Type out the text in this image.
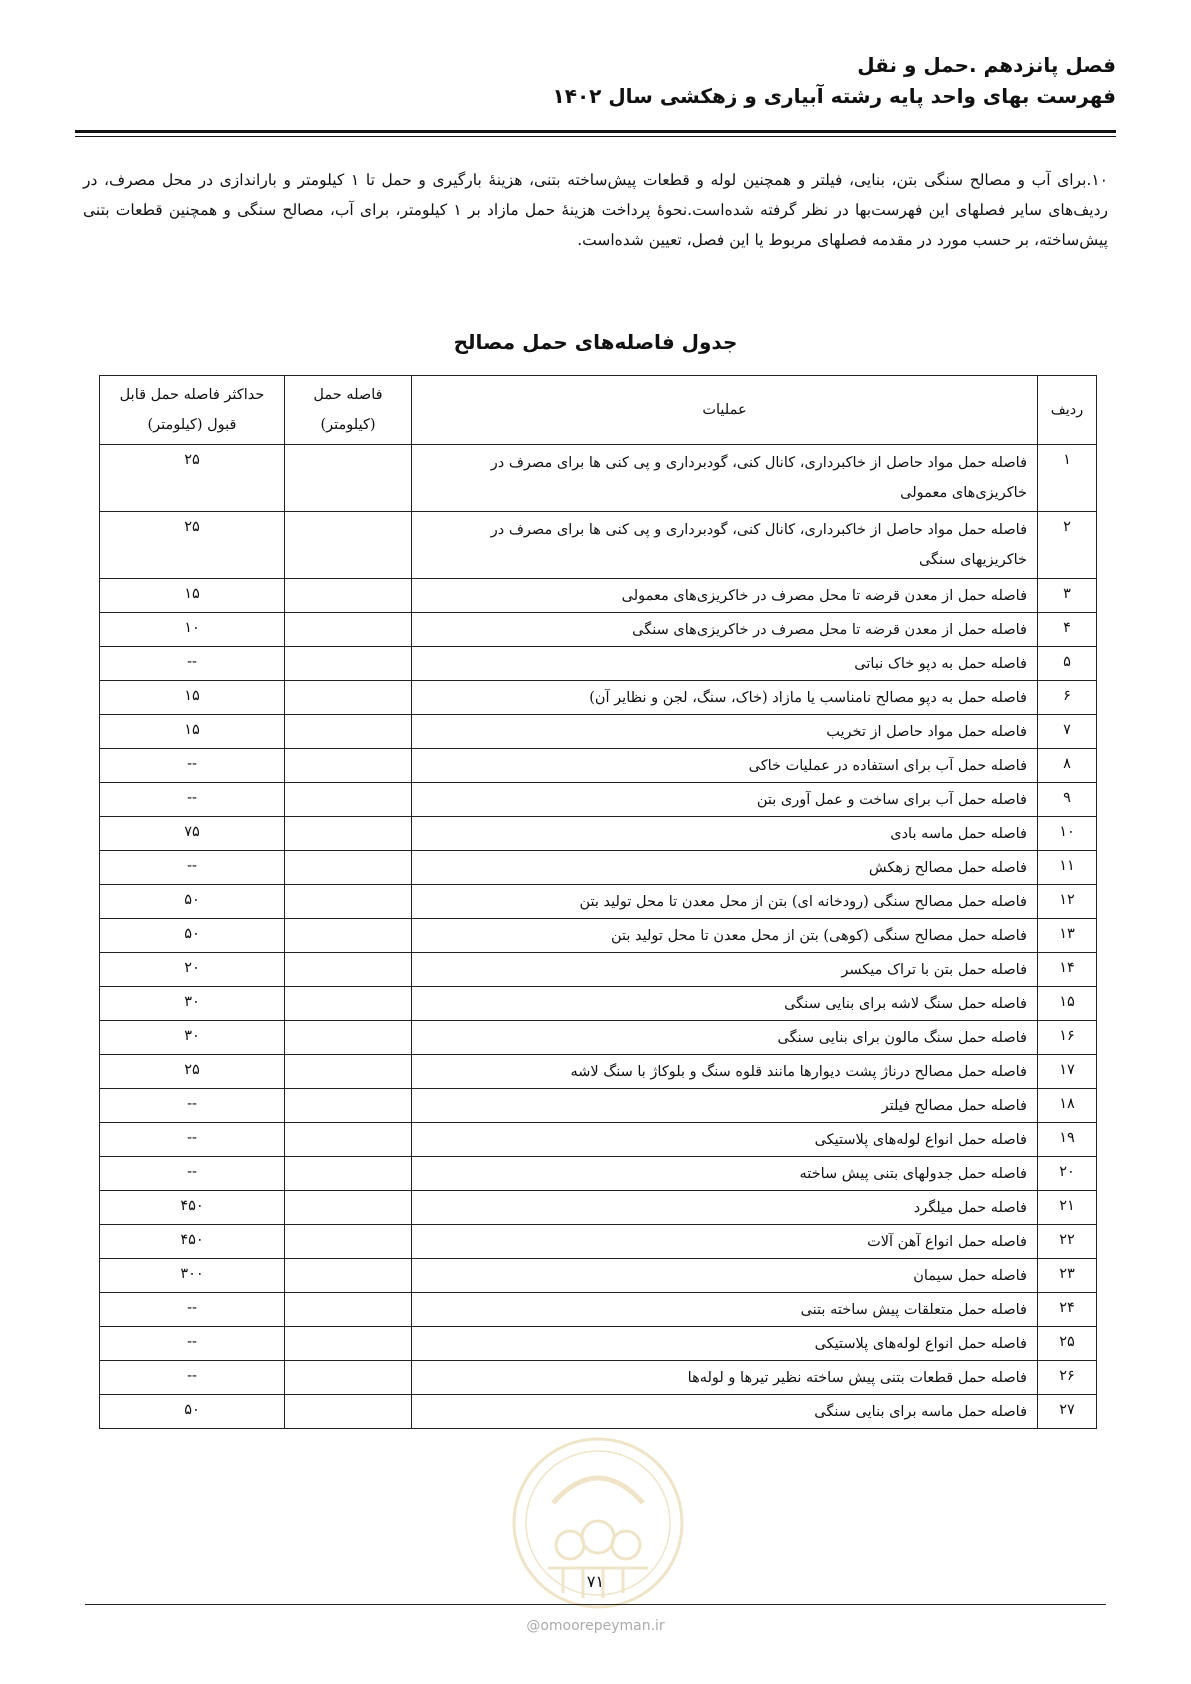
فصل پانزدهم .حمل و نقل
فهرست بهای واحد پایه رشته آبیاری و زهکشی سال ۱۴۰۲
۱۰.برای آب و مصالح سنگی بتن، بنایی، فیلتر و همچنین لوله و قطعات پیش‌ساخته بتنی، هزینۀ بارگیری و حمل تا ۱ کیلومتر و باراندازی در محل مصرف، در ردیف‌های سایر فصلهای این فهرست‌بها در نظر گرفته شده‌است.نحوۀ پرداخت هزینۀ حمل مازاد بر ۱ کیلومتر، برای آب، مصالح سنگی و همچنین قطعات بتنی پیش‌ساخته، بر حسب مورد در مقدمه فصلهای مربوط یا این فصل، تعیین شده‌است.
جدول فاصله‌های حمل مصالح
ردیف	عملیات	فاصله حمل (کیلومتر)	حداکثر فاصله حمل قابل قبول (کیلومتر)
۱	فاصله حمل مواد حاصل از خاکبرداری، کانال کنی، گودبرداری و پی کنی ها برای مصرف در خاکریزی‌های معمولی		۲۵
۲	فاصله حمل مواد حاصل از خاکبرداری، کانال کنی، گودبرداری و پی کنی ها برای مصرف در خاکریزیهای سنگی		۲۵
۳	فاصله حمل از معدن قرضه تا محل مصرف در خاکریزی‌های معمولی		۱۵
۴	فاصله حمل از معدن قرضه تا محل مصرف در خاکریزی‌های سنگی		۱۰
۵	فاصله حمل به دپو خاک نباتی		--
۶	فاصله حمل به دپو مصالح نامناسب یا مازاد (خاک، سنگ، لجن و نظایر آن)		۱۵
۷	فاصله حمل مواد حاصل از تخریب		۱۵
۸	فاصله حمل آب برای استفاده در عملیات خاکی		--
۹	فاصله حمل آب برای ساخت و عمل آوری بتن		--
۱۰	فاصله حمل ماسه بادی		۷۵
۱۱	فاصله حمل مصالح زهکش		--
۱۲	فاصله حمل مصالح سنگی (رودخانه ای) بتن از محل معدن تا محل تولید بتن		۵۰
۱۳	فاصله حمل مصالح سنگی (کوهی) بتن از محل معدن تا محل تولید بتن		۵۰
۱۴	فاصله حمل بتن با تراک میکسر		۲۰
۱۵	فاصله حمل سنگ لاشه برای بنایی سنگی		۳۰
۱۶	فاصله حمل سنگ مالون برای بنایی سنگی		۳۰
۱۷	فاصله حمل مصالح درناژ پشت دیوارها مانند قلوه سنگ و بلوکاژ با سنگ لاشه		۲۵
۱۸	فاصله حمل مصالح فیلتر		--
۱۹	فاصله حمل انواع لوله‌های پلاستیکی		--
۲۰	فاصله حمل جدولهای بتنی پیش ساخته		--
۲۱	فاصله حمل میلگرد		۴۵۰
۲۲	فاصله حمل انواع آهن آلات		۴۵۰
۲۳	فاصله حمل سیمان		۳۰۰
۲۴	فاصله حمل متعلقات پیش ساخته بتنی		--
۲۵	فاصله حمل انواع لوله‌های پلاستیکی		--
۲۶	فاصله حمل قطعات بتنی پیش ساخته نظیر تیرها و لوله‌ها		--
۲۷	فاصله حمل ماسه برای بنایی سنگی		۵۰
۷۱
@omoorepeyman.ir
